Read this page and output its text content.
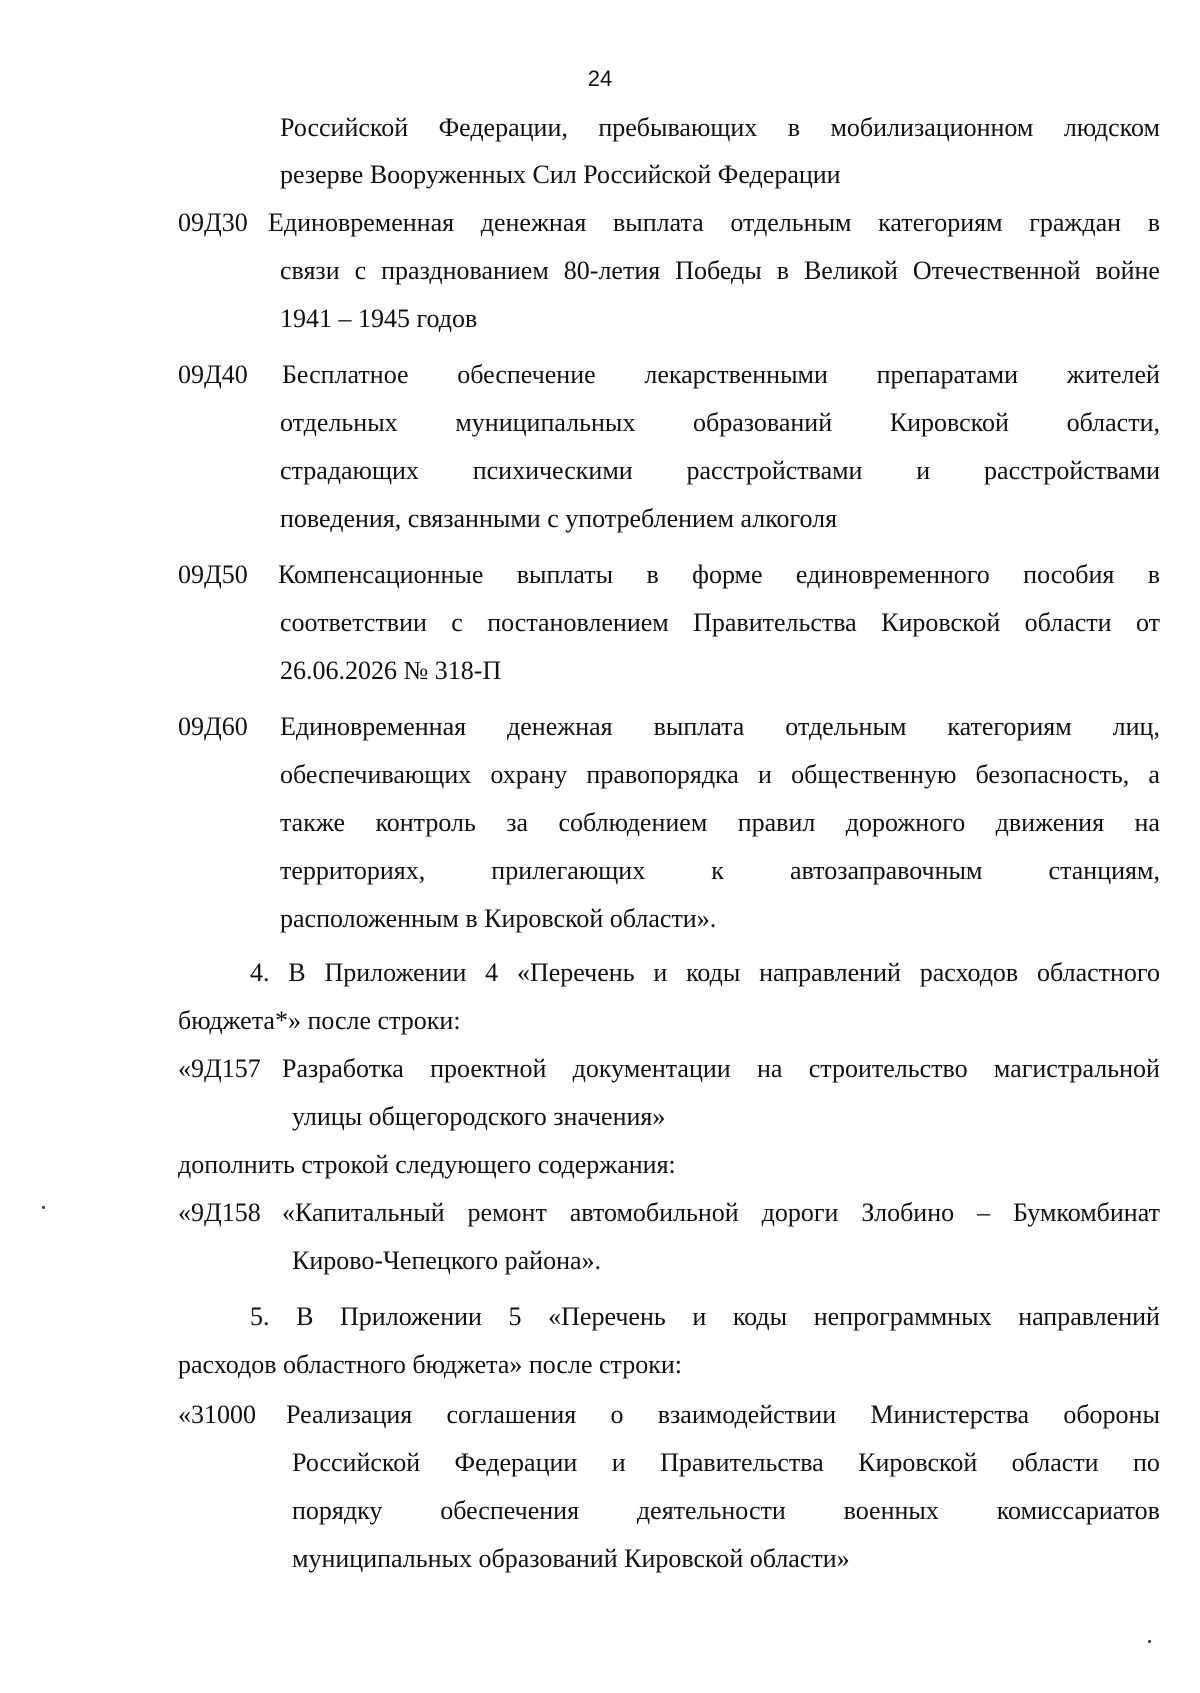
24
Российской Федерации, пребывающих в мобилизационном людском
резерве Вооруженных Сил Российской Федерации
09Д30 Единовременная денежная выплата отдельным категориям граждан в
связи с празднованием 80-летия Победы в Великой Отечественной войне
1941 – 1945 годов
09Д40 Бесплатное обеспечение лекарственными препаратами жителей
отдельных муниципальных образований Кировской области,
страдающих психическими расстройствами и расстройствами
поведения, связанными с употреблением алкоголя
09Д50 Компенсационные выплаты в форме единовременного пособия в
соответствии с постановлением Правительства Кировской области от
26.06.2026 № 318-П
09Д60 Единовременная денежная выплата отдельным категориям лиц,
обеспечивающих охрану правопорядка и общественную безопасность, а
также контроль за соблюдением правил дорожного движения на
территориях,	прилегающих	к	автозаправочным	станциям,
расположенным в Кировской области».
4. В Приложении 4 «Перечень и коды направлений расходов областного
бюджета*» после строки:
«9Д157 Разработка проектной документации на строительство магистральной
улицы общегородского значения»
дополнить строкой следующего содержания:
«9Д158 «Капитальный ремонт автомобильной дороги Злобино – Бумкомбинат
Кирово-Чепецкого района».
5. В Приложении 5 «Перечень и коды непрограммных направлений
расходов областного бюджета» после строки:
«31000 Реализация соглашения о взаимодействии Министерства обороны
Российской Федерации и Правительства Кировской области по
порядку обеспечения деятельности военных комиссариатов
муниципальных образований Кировской области»
